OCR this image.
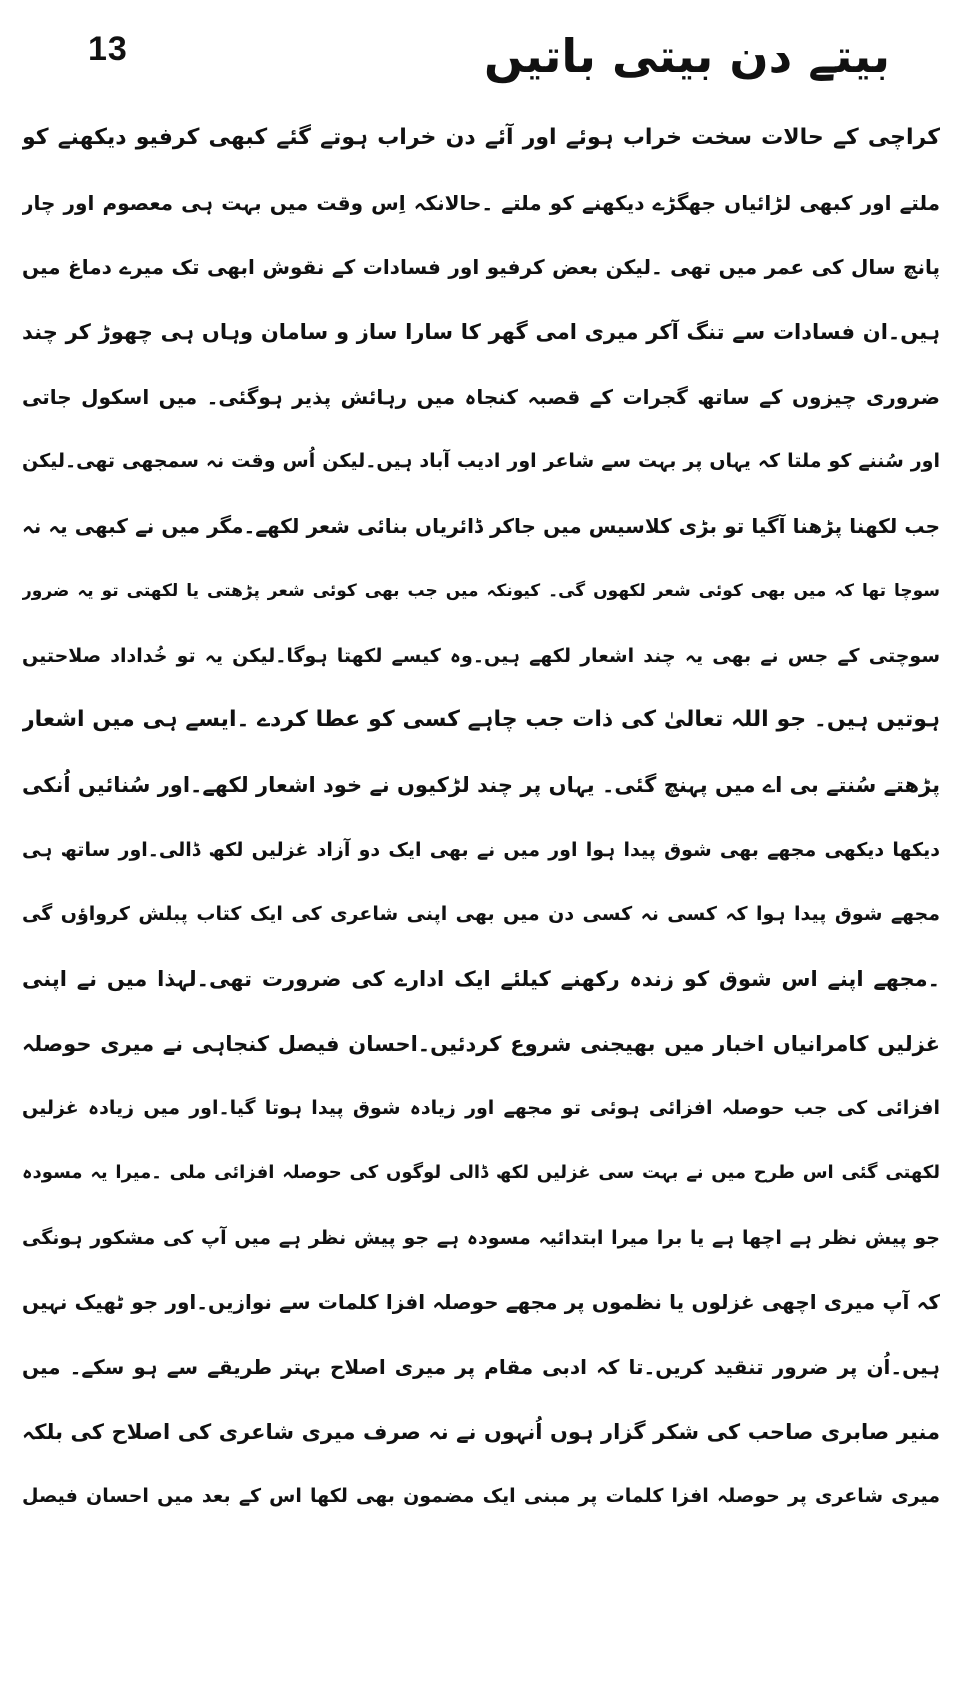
13	بیتے دن بیتی باتیں
کراچی کے حالات سخت خراب ہوئے اور آئے دن خراب ہوتے گئے کبھی کرفیو دیکھنے کو
ملتے اور کبھی لڑائیاں جھگڑے دیکھنے کو ملتے ۔حالانکہ اِس وقت میں بہت ہی معصوم اور چار
پانچ سال کی عمر میں تھی ۔لیکن بعض کرفیو اور فسادات کے نقوش ابھی تک میرے دماغ میں
ہیں۔ان فسادات سے تنگ آکر میری امی گھر کا سارا ساز و سامان وہاں ہی چھوڑ کر چند
ضروری چیزوں کے ساتھ گجرات کے قصبہ کنجاہ میں رہائش پذیر ہوگئی۔ میں اسکول جاتی
اور سُننے کو ملتا کہ یہاں پر بہت سے شاعر اور ادیب آباد ہیں۔لیکن اُس وقت نہ سمجھی تھی۔لیکن
جب لکھنا پڑھنا آگیا تو بڑی کلاسیس میں جاکر ڈائریاں بنائی شعر لکھے۔مگر میں نے کبھی یہ نہ
سوچا تھا کہ میں بھی کوئی شعر لکھوں گی۔ کیونکہ میں جب بھی کوئی شعر پڑھتی یا لکھتی تو یہ ضرور
سوچتی کے جس نے بھی یہ چند اشعار لکھے ہیں۔وہ کیسے لکھتا ہوگا۔لیکن یہ تو خُداداد صلاحتیں
ہوتیں ہیں۔ جو اللہ تعالیٰ کی ذات جب چاہے کسی کو عطا کردے ۔ایسے ہی میں اشعار
پڑھتے سُنتے بی اے میں پہنچ گئی۔ یہاں پر چند لڑکیوں نے خود اشعار لکھے۔اور سُنائیں اُنکی
دیکھا دیکھی مجھے بھی شوق پیدا ہوا اور میں نے بھی ایک دو آزاد غزلیں لکھ ڈالی۔اور ساتھ ہی
مجھے شوق پیدا ہوا کہ کسی نہ کسی دن میں بھی اپنی شاعری کی ایک کتاب پبلش کرواؤں گی
۔مجھے اپنے اس شوق کو زندہ رکھنے کیلئے ایک ادارے کی ضرورت تھی۔لہذا میں نے اپنی
غزلیں کامرانیاں اخبار میں بھیجنی شروع کردئیں۔احسان فیصل کنجاہی نے میری حوصلہ
افزائی کی جب حوصلہ افزائی ہوئی تو مجھے اور زیادہ شوق پیدا ہوتا گیا۔اور میں زیادہ غزلیں
لکھتی گئی اس طرح میں نے بہت سی غزلیں لکھ ڈالی لوگوں کی حوصلہ افزائی ملی ۔میرا یہ مسودہ
جو پیش نظر ہے اچھا ہے یا برا میرا ابتدائیہ مسودہ ہے جو پیش نظر ہے میں آپ کی مشکور ہونگی
کہ آپ میری اچھی غزلوں یا نظموں پر مجھے حوصلہ افزا کلمات سے نوازیں۔اور جو ٹھیک نہیں
ہیں۔اُن پر ضرور تنقید کریں۔تا کہ ادبی مقام پر میری اصلاح بہتر طریقے سے ہو سکے۔ میں
منیر صابری صاحب کی شکر گزار ہوں اُنہوں نے نہ صرف میری شاعری کی اصلاح کی بلکہ
میری شاعری پر حوصلہ افزا کلمات پر مبنی ایک مضمون بھی لکھا اس کے بعد میں احسان فیصل
